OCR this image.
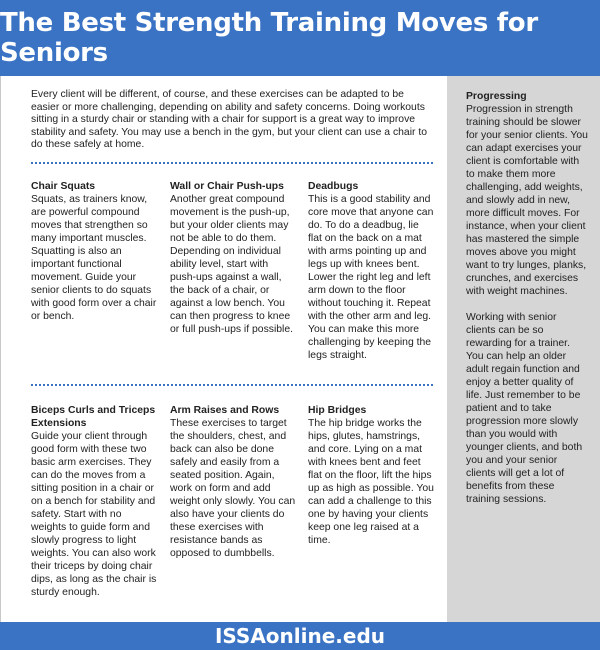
The Best Strength Training Moves for Seniors

Every client will be different, of course, and these exercises can be adapted to be easier or more challenging, depending on ability and safety concerns. Doing workouts sitting in a sturdy chair or standing with a chair for support is a great way to improve stability and safety. You may use a bench in the gym, but your client can use a chair to do these safely at home.

Chair Squats

Squats, as trainers know, are powerful compound moves that strengthen so many important muscles. Squatting is also an important functional movement. Guide your senior clients to do squats with good form over a chair or bench.

Wall or Chair Push-ups

Another great compound movement is the push-up, but your older clients may not be able to do them. Depending on individual ability level, start with push-ups against a wall, the back of a chair, or against a low bench. You can then progress to knee or full push-ups if possible.

Deadbugs

This is a good stability and core move that anyone can do. To do a deadbug, lie flat on the back on a mat with arms pointing up and legs up with knees bent. Lower the right leg and left arm down to the floor without touching it. Repeat with the other arm and leg. You can make this more challenging by keeping the legs straight.

Biceps Curls and Triceps Extensions

Guide your client through good form with these two basic arm exercises. They can do the moves from a sitting position in a chair or on a bench for stability and safety. Start with no weights to guide form and slowly progress to light weights. You can also work their triceps by doing chair dips, as long as the chair is sturdy enough.

Arm Raises and Rows

These exercises to target the shoulders, chest, and back can also be done safely and easily from a seated position. Again, work on form and add weight only slowly. You can also have your clients do these exercises with resistance bands as opposed to dumbbells.

Hip Bridges

The hip bridge works the hips, glutes, hamstrings, and core. Lying on a mat with knees bent and feet flat on the floor, lift the hips up as high as possible. You can add a challenge to this one by having your clients keep one leg raised at a time.

Progressing

Progression in strength training should be slower for your senior clients. You can adapt exercises your client is comfortable with to make them more challenging, add weights, and slowly add in new, more difficult moves. For instance, when your client has mastered the simple moves above you might want to try lunges, planks, crunches, and exercises with weight machines.

Working with senior clients can be so rewarding for a trainer. You can help an older adult regain function and enjoy a better quality of life. Just remember to be patient and to take progression more slowly than you would with younger clients, and both you and your senior clients will get a lot of benefits from these training sessions.

ISSAonline.edu
